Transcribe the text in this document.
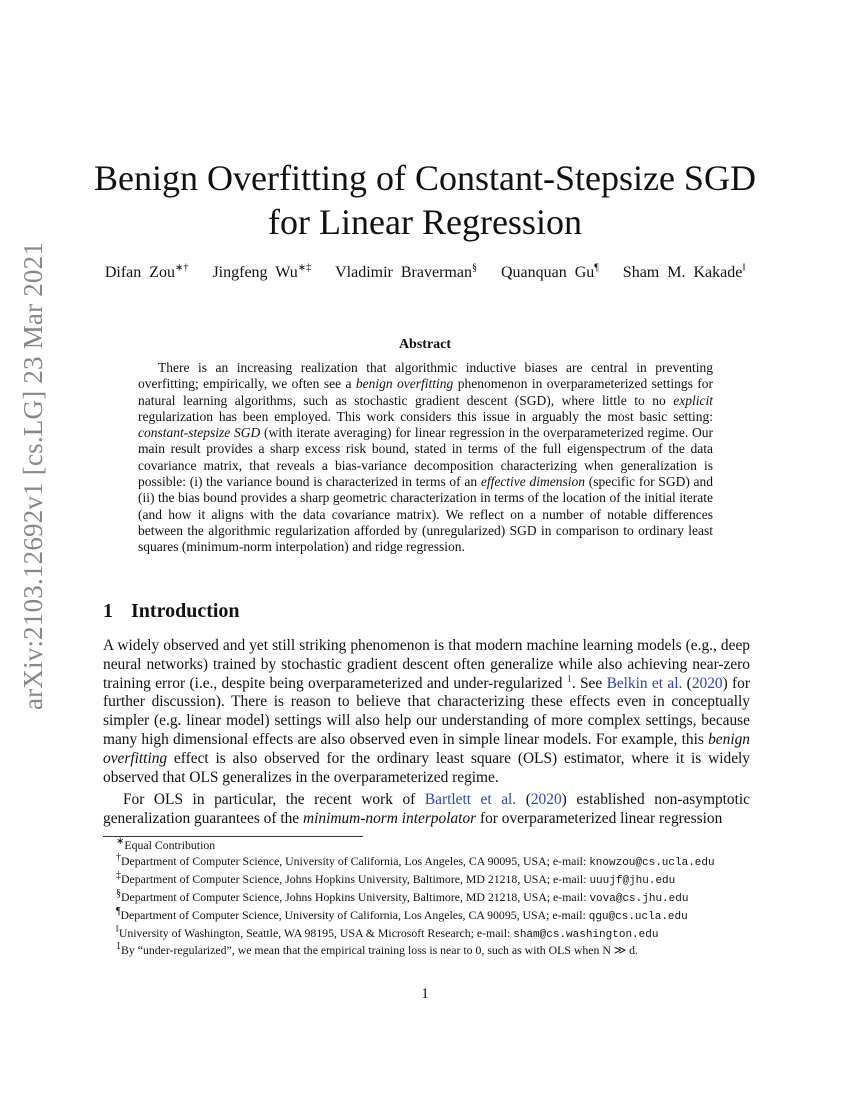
arXiv:2103.12692v1 [cs.LG] 23 Mar 2021
Benign Overfitting of Constant-Stepsize SGD
for Linear Regression
Difan Zou∗† Jingfeng Wu∗‡ Vladimir Braverman§ Quanquan Gu¶ Sham M. Kakade‖
Abstract

There is an increasing realization that algorithmic inductive biases are central in preventing overfitting; empirically, we often see a benign overfitting phenomenon in overparameterized settings for natural learning algorithms, such as stochastic gradient descent (SGD), where little to no explicit regularization has been employed. This work considers this issue in arguably the most basic setting: constant-stepsize SGD (with iterate averaging) for linear regression in the overparameterized regime. Our main result provides a sharp excess risk bound, stated in terms of the full eigenspectrum of the data covariance matrix, that reveals a bias-variance decomposition characterizing when generalization is possible: (i) the variance bound is characterized in terms of an effective dimension (specific for SGD) and (ii) the bias bound provides a sharp geometric characterization in terms of the location of the initial iterate (and how it aligns with the data covariance matrix). We reflect on a number of notable differences between the algorithmic regularization afforded by (unregularized) SGD in comparison to ordinary least squares (minimum-norm interpolation) and ridge regression.

1 Introduction

A widely observed and yet still striking phenomenon is that modern machine learning models (e.g., deep neural networks) trained by stochastic gradient descent often generalize while also achieving near-zero training error (i.e., despite being overparameterized and under-regularized $^1$. See Belkin et al. (2020) for further discussion). There is reason to believe that characterizing these effects even in conceptually simpler (e.g. linear model) settings will also help our understanding of more complex settings, because many high dimensional effects are also observed even in simple linear models. For example, this benign overfitting effect is also observed for the ordinary least square (OLS) estimator, where it is widely observed that OLS generalizes in the overparameterized regime.

For OLS in particular, the recent work of Bartlett et al. (2020) established non-asymptotic generalization guarantees of the minimum-norm interpolator for overparameterized linear regression

∗Equal Contribution

†Department of Computer Science, University of California, Los Angeles, CA 90095, USA; e-mail: knowzou@cs.ucla.edu

‡Department of Computer Science, Johns Hopkins University, Baltimore, MD 21218, USA; e-mail: uuujf@jhu.edu

§Department of Computer Science, Johns Hopkins University, Baltimore, MD 21218, USA; e-mail: vova@cs.jhu.edu

¶Department of Computer Science, University of California, Los Angeles, CA 90095, USA; e-mail: qgu@cs.ucla.edu

‖University of Washington, Seattle, WA 98195, USA & Microsoft Research; e-mail: sham@cs.washington.edu

$^1$By “under-regularized”, we mean that the empirical training loss is near to 0, such as with OLS when N ≫ d.

1
